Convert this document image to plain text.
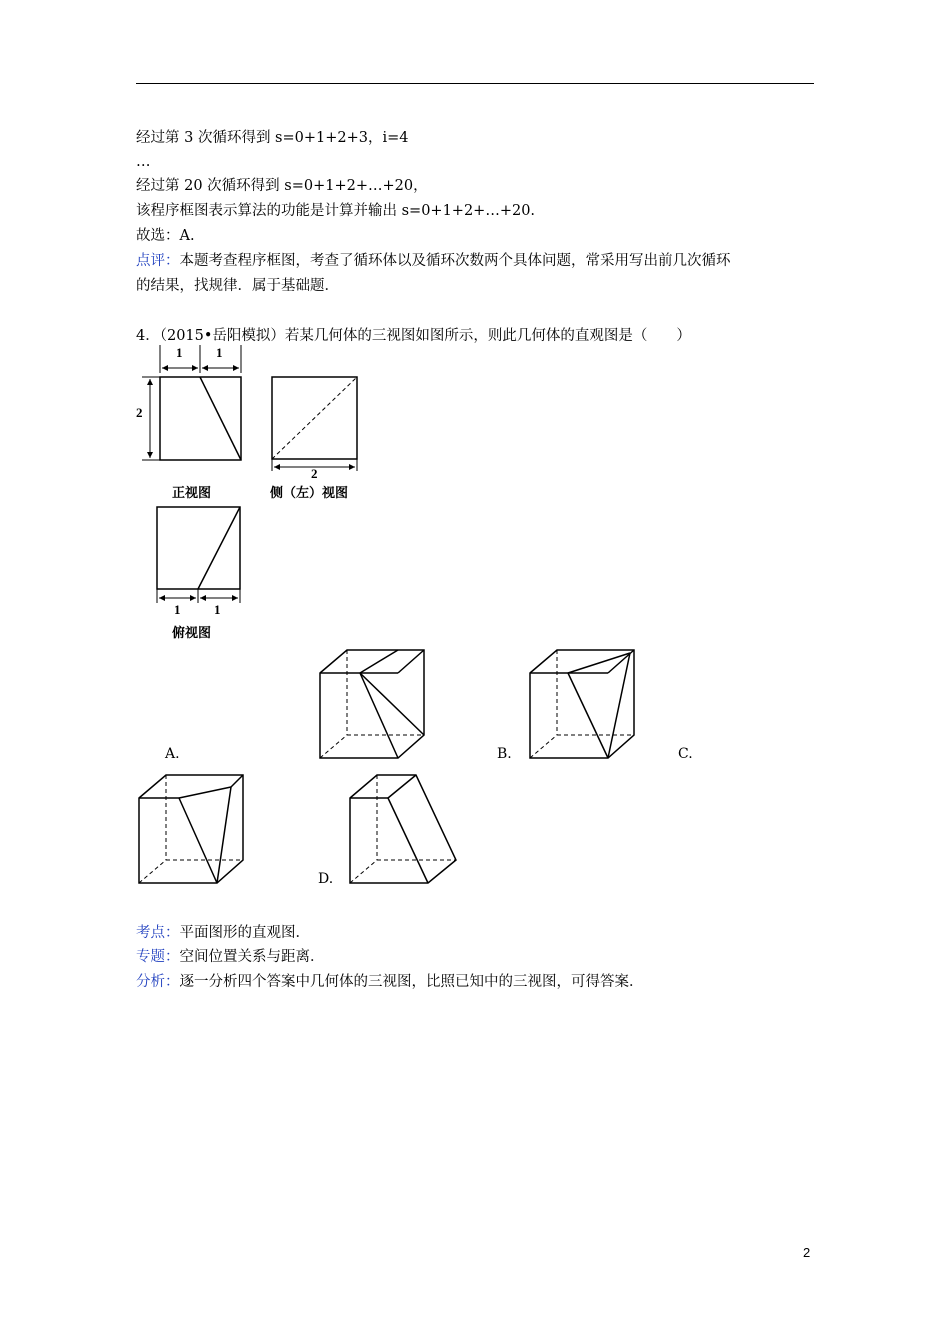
经过第 3 次循环得到 s=0+1+2+3，i=4
…
经过第 20 次循环得到 s=0+1+2+…+20，
该程序框图表示算法的功能是计算并输出 s=0+1+2+…+20.
故选：A.
点评：本题考查程序框图，考查了循环体以及循环次数两个具体问题，常采用写出前几次循环
的结果，找规律．属于基础题．
4．（2015•岳阳模拟）若某几何体的三视图如图所示，则此几何体的直观图是（　　）
1	1
2
正视图
2
侧（左）视图
1	1
俯视图
A.	B.	C.
D.
考点：平面图形的直观图．
专题：空间位置关系与距离．
分析：逐一分析四个答案中几何体的三视图，比照已知中的三视图，可得答案．
2
